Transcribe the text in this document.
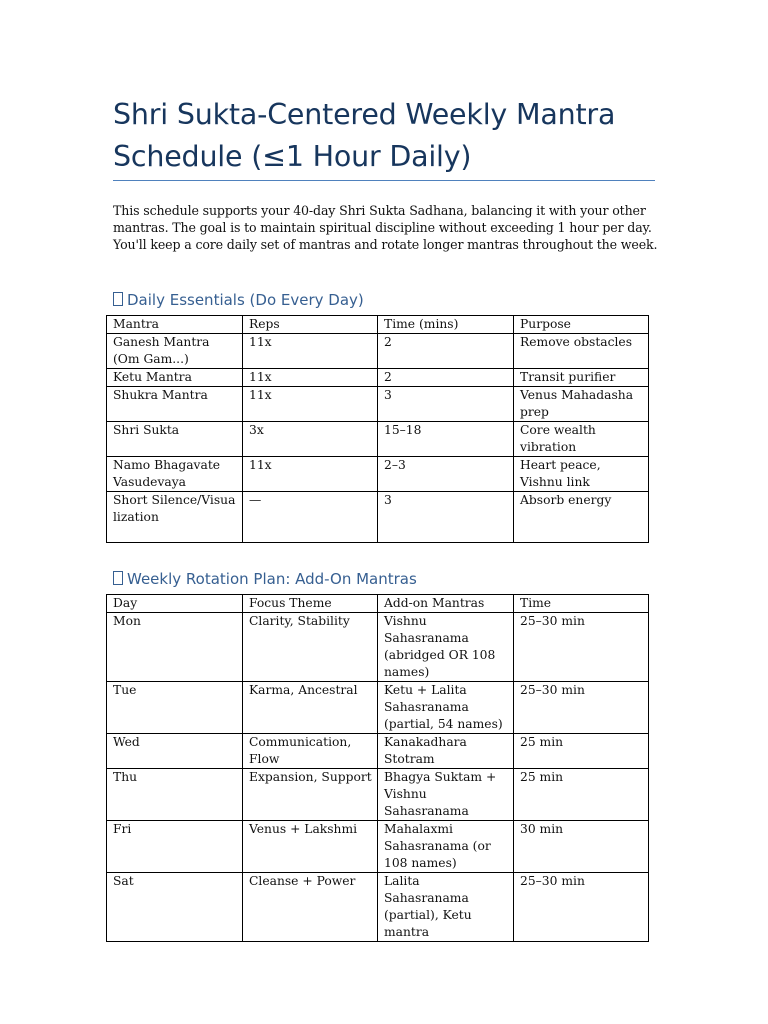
Shri Sukta-Centered Weekly Mantra Schedule (≤1 Hour Daily)
This schedule supports your 40-day Shri Sukta Sadhana, balancing it with your other mantras. The goal is to maintain spiritual discipline without exceeding 1 hour per day. You'll keep a core daily set of mantras and rotate longer mantras throughout the week.
Daily Essentials (Do Every Day)
Mantra	Reps	Time (mins)	Purpose
Ganesh Mantra (Om Gam...)	11x	2	Remove obstacles
Ketu Mantra	11x	2	Transit purifier
Shukra Mantra	11x	3	Venus Mahadasha prep
Shri Sukta	3x	15–18	Core wealth vibration
Namo Bhagavate Vasudevaya	11x	2–3	Heart peace, Vishnu link
Short Silence/Visualization	—	3	Absorb energy
Weekly Rotation Plan: Add-On Mantras
Day	Focus Theme	Add-on Mantras	Time
Mon	Clarity, Stability	Vishnu Sahasranama (abridged OR 108 names)	25–30 min
Tue	Karma, Ancestral	Ketu + Lalita Sahasranama (partial, 54 names)	25–30 min
Wed	Communication, Flow	Kanakadhara Stotram	25 min
Thu	Expansion, Support	Bhagya Suktam + Vishnu Sahasranama	25 min
Fri	Venus + Lakshmi	Mahalaxmi Sahasranama (or 108 names)	30 min
Sat	Cleanse + Power	Lalita Sahasranama (partial), Ketu mantra	25–30 min
